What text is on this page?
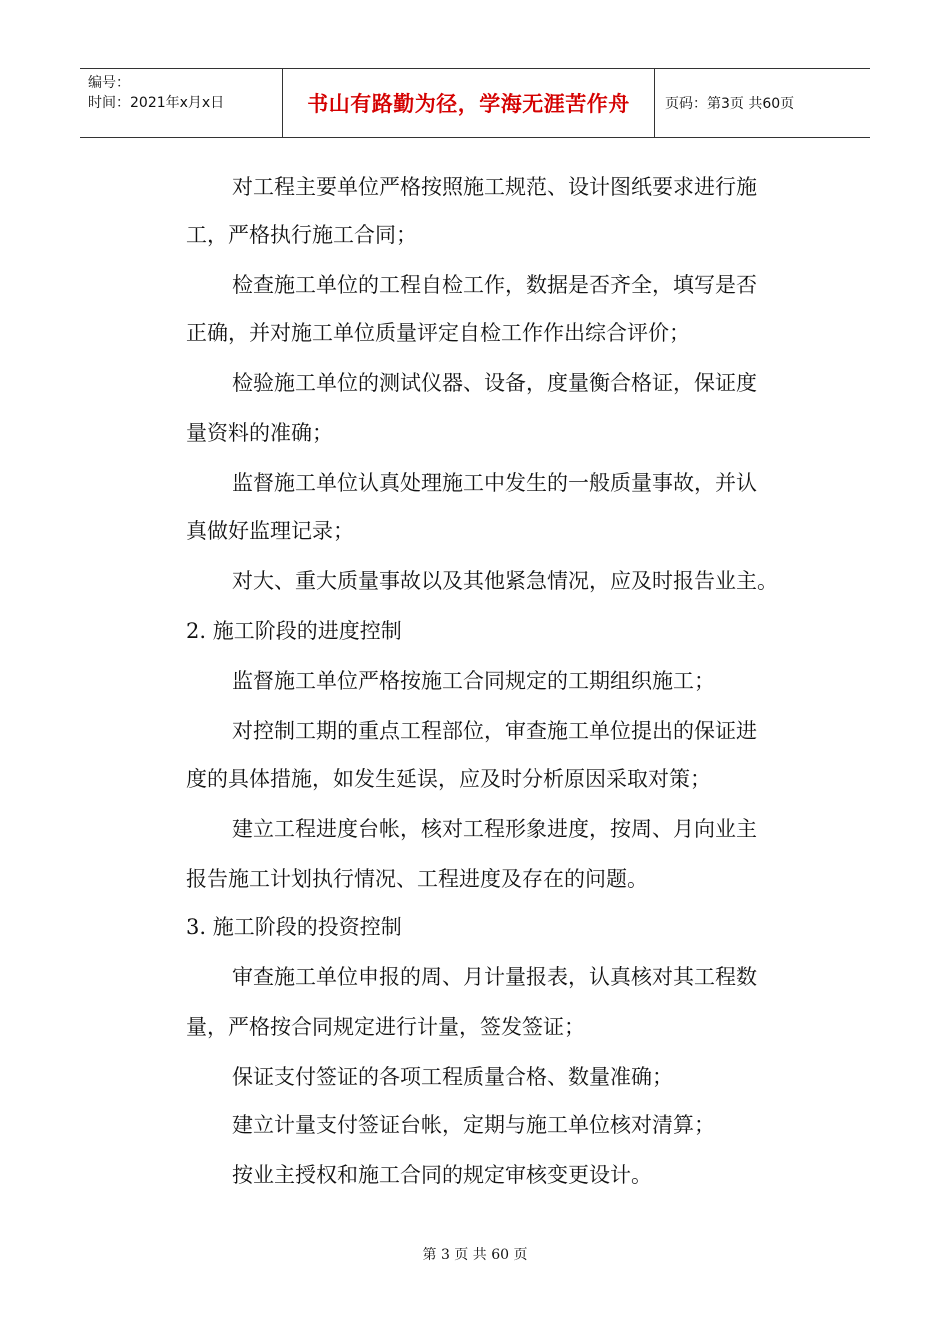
编号：
时间：2021年x月x日	书山有路勤为径，学海无涯苦作舟	页码：第3页 共60页
对工程主要单位严格按照施工规范、设计图纸要求进行施
工，严格执行施工合同；
检查施工单位的工程自检工作，数据是否齐全，填写是否
正确，并对施工单位质量评定自检工作作出综合评价；
检验施工单位的测试仪器、设备，度量衡合格证，保证度
量资料的准确；
监督施工单位认真处理施工中发生的一般质量事故，并认
真做好监理记录；
对大、重大质量事故以及其他紧急情况，应及时报告业主。
2. 施工阶段的进度控制
监督施工单位严格按施工合同规定的工期组织施工；
对控制工期的重点工程部位，审查施工单位提出的保证进
度的具体措施，如发生延误，应及时分析原因采取对策；
建立工程进度台帐，核对工程形象进度，按周、月向业主
报告施工计划执行情况、工程进度及存在的问题。
3. 施工阶段的投资控制
审查施工单位申报的周、月计量报表，认真核对其工程数
量，严格按合同规定进行计量，签发签证；
保证支付签证的各项工程质量合格、数量准确；
建立计量支付签证台帐，定期与施工单位核对清算；
按业主授权和施工合同的规定审核变更设计。
第 3 页 共 60 页
